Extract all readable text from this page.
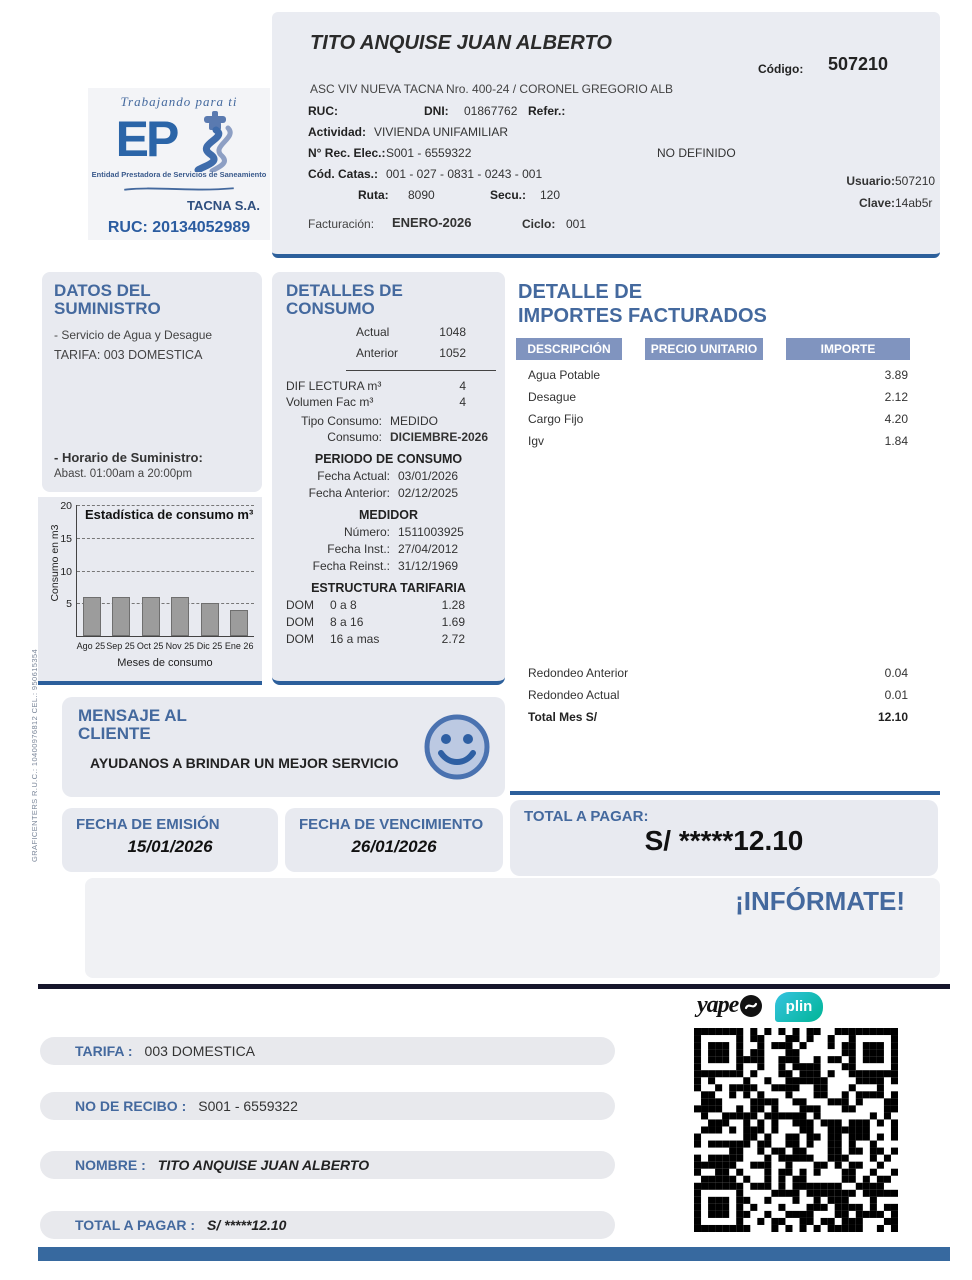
Trabajando para ti
EP
Entidad Prestadora de Servicios de Saneamiento
TACNA S.A.
RUC: 20134052989
TITO ANQUISE JUAN ALBERTO
Código: 507210
ASC VIV NUEVA TACNA Nro. 400-24 / CORONEL GREGORIO ALB
RUC:	DNI: 01867762 Refer.:
Actividad: VIVIENDA UNIFAMILIAR
N° Rec. Elec.: S001 - 6559322	NO DEFINIDO
Cód. Catas.: 001 - 027 - 0831 - 0243 - 001
Ruta: 8090	Secu.: 120
Usuario: 507210
Clave: 14ab5r
Facturación: ENERO-2026	Ciclo: 001
DATOS DEL SUMINISTRO
- Servicio de Agua y Desague
TARIFA: 003 DOMESTICA
- Horario de Suministro:
Abast. 01:00am a 20:00pm
Consumo en m3
20
15
10
5
Estadística de consumo m³
Ago 25 Sep 25 Oct 25 Nov 25 Dic 25 Ene 26
Meses de consumo
DETALLES DE CONSUMO
Actual	1048
Anterior	1052
DIF LECTURA m³	4
Volumen Fac m³	4
Tipo Consumo: MEDIDO
Consumo: DICIEMBRE-2026
PERIODO DE CONSUMO
Fecha Actual: 03/01/2026
Fecha Anterior: 02/12/2025
MEDIDOR
Número: 1511003925
Fecha Inst.: 27/04/2012
Fecha Reinst.: 31/12/1969
ESTRUCTURA TARIFARIA
DOM	0 a 8	1.28
DOM	8 a 16	1.69
DOM	16 a mas	2.72
DETALLE DE
IMPORTES FACTURADOS
DESCRIPCIÓN	PRECIO UNITARIO	IMPORTE
Agua Potable	3.89
Desague	2.12
Cargo Fijo	4.20
Igv	1.84
Redondeo Anterior	0.04
Redondeo Actual	0.01
Total Mes S/	12.10
MENSAJE AL CLIENTE
AYUDANOS A BRINDAR UN MEJOR SERVICIO
FECHA DE EMISIÓN
15/01/2026
FECHA DE VENCIMIENTO
26/01/2026
TOTAL A PAGAR:
S/ *****12.10
¡INFÓRMATE!
GRAFICENTERS R.U.C.: 10400976812 CEL.: 950615354
yape	plin
TARIFA : 003 DOMESTICA
NO DE RECIBO : S001 - 6559322
NOMBRE : TITO ANQUISE JUAN ALBERTO
TOTAL A PAGAR : S/ *****12.10
